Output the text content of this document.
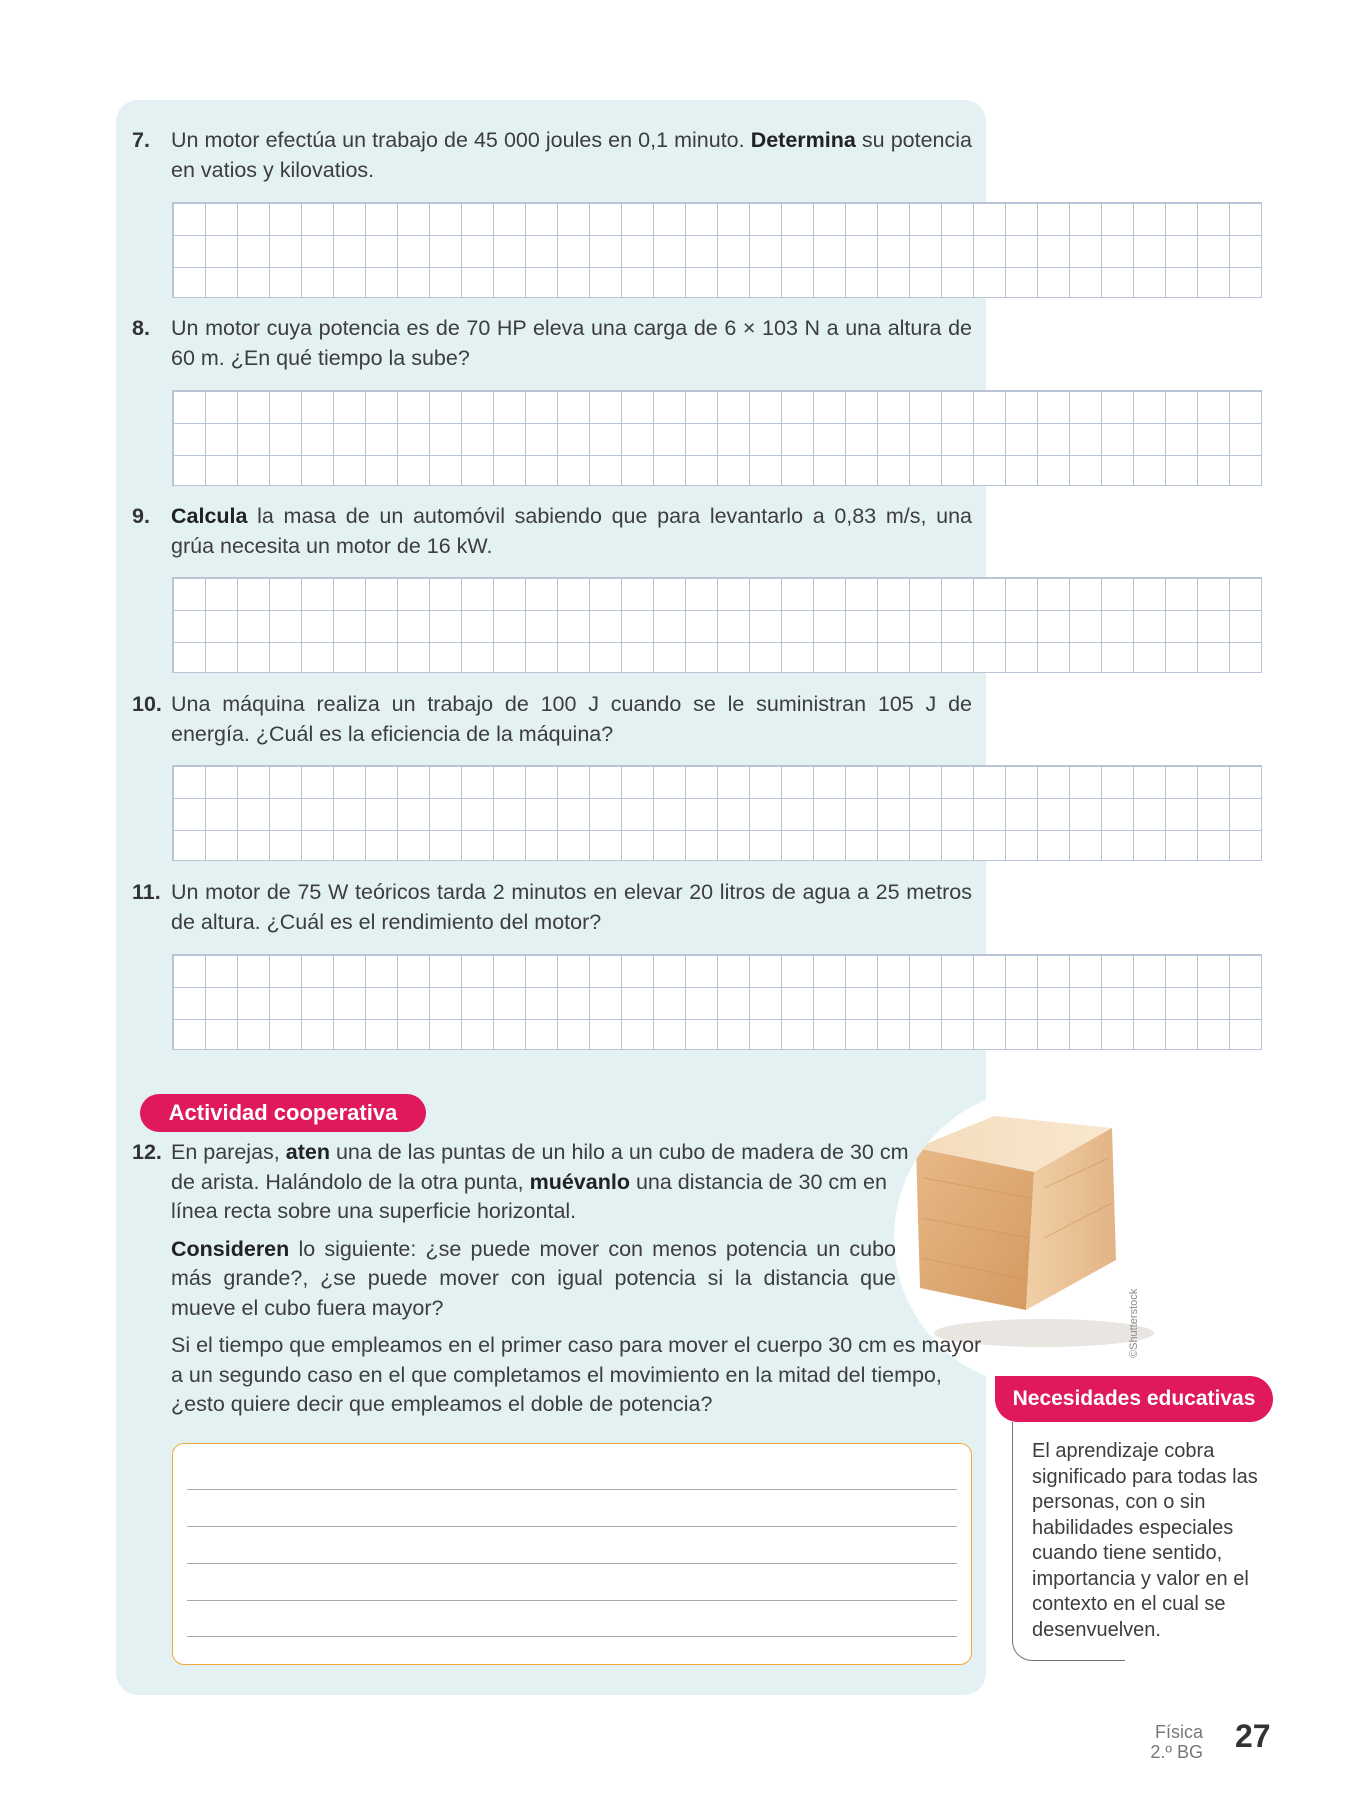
7. Un motor efectúa un trabajo de 45 000 joules en 0,1 minuto. Determina su potencia en vatios y kilovatios.
8. Un motor cuya potencia es de 70 HP eleva una carga de 6 × 103 N a una altura de 60 m. ¿En qué tiempo la sube?
9. Calcula la masa de un automóvil sabiendo que para levantarlo a 0,83 m/s, una grúa necesita un motor de 16 kW.
10. Una máquina realiza un trabajo de 100 J cuando se le suministran 105 J de energía. ¿Cuál es la eficiencia de la máquina?
11. Un motor de 75 W teóricos tarda 2 minutos en elevar 20 litros de agua a 25 metros de altura. ¿Cuál es el rendimiento del motor?
Actividad cooperativa
©Shutterstock
12. En parejas, aten una de las puntas de un hilo a un cubo de madera de 30 cm de arista. Halándolo de la otra punta, muévanlo una distancia de 30 cm en línea recta sobre una superficie horizontal.

Consideren lo siguiente: ¿se puede mover con menos potencia un cubo más grande?, ¿se puede mover con igual potencia si la distancia que mueve el cubo fuera mayor?

Si el tiempo que empleamos en el primer caso para mover el cuerpo 30 cm es mayor a un segundo caso en el que completamos el movimiento en la mitad del tiempo, ¿esto quiere decir que empleamos el doble de potencia?	Necesidades educativas
El aprendizaje cobra significado para todas las personas, con o sin habilidades especiales cuando tiene sentido, importancia y valor en el contexto en el cual se desenvuelven.
Física
2.º BG 27
